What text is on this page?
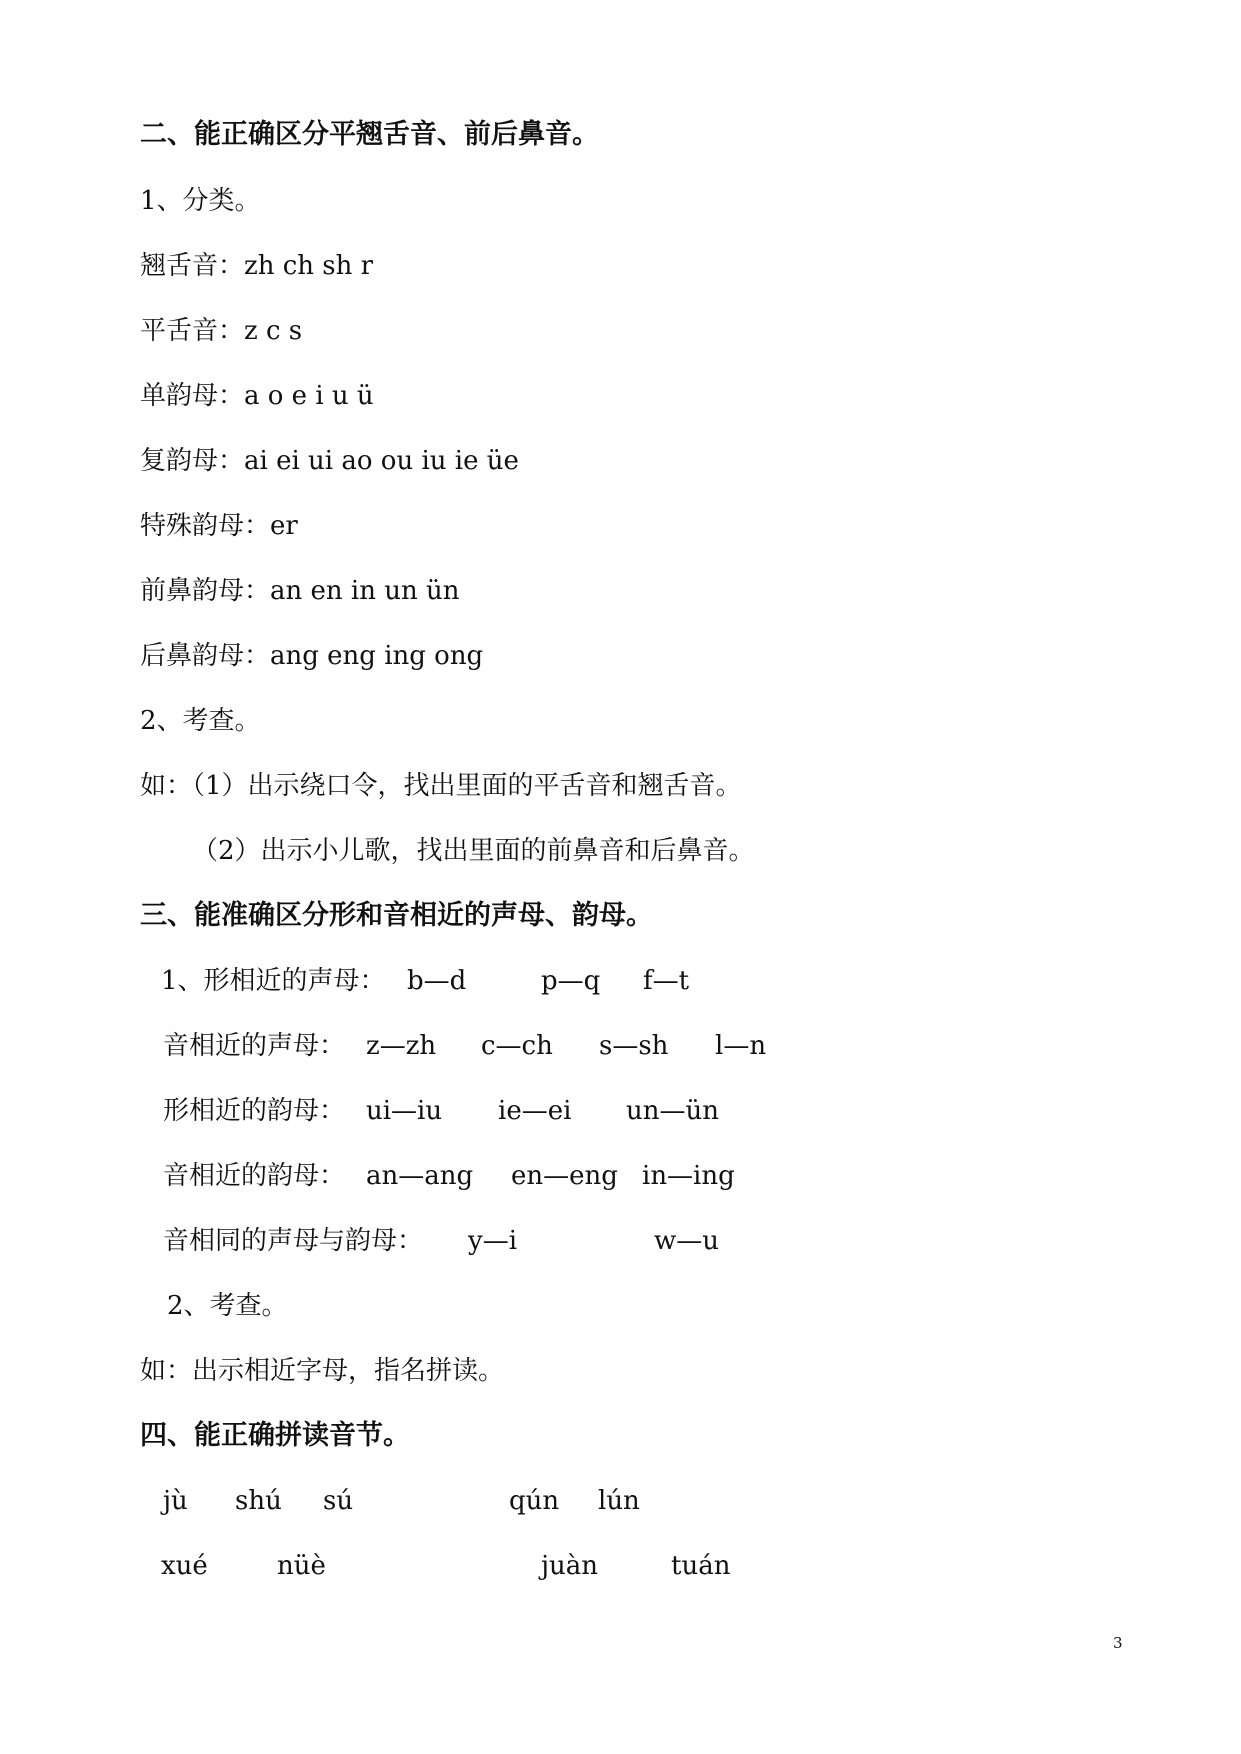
二、能正确区分平翘舌音、前后鼻音。
1、分类。
翘舌音：zh ch sh r
平舌音：z c s
单韵母：a o e i u ü
复韵母：ai ei ui ao ou iu ie üe
特殊韵母：er
前鼻韵母：an en in un ün
后鼻韵母：ang eng ing ong
2、考查。
如：（1）出示绕口令，找出里面的平舌音和翘舌音。
（2）出示小儿歌，找出里面的前鼻音和后鼻音。
三、能准确区分形和音相近的声母、韵母。
1、形相近的声母： b—d	p—q f—t
音相近的声母： z—zh c—ch s—sh l—n
形相近的韵母： ui—iu ie—ei un—ün
音相近的韵母： an—ang en—eng in—ing
音相同的声母与韵母： y—i	w—u
2、考查。
如：出示相近字母，指名拼读。
四、能正确拼读音节。
jù shú sú	qún lún
xué	nüè	juàn	tuán
3
